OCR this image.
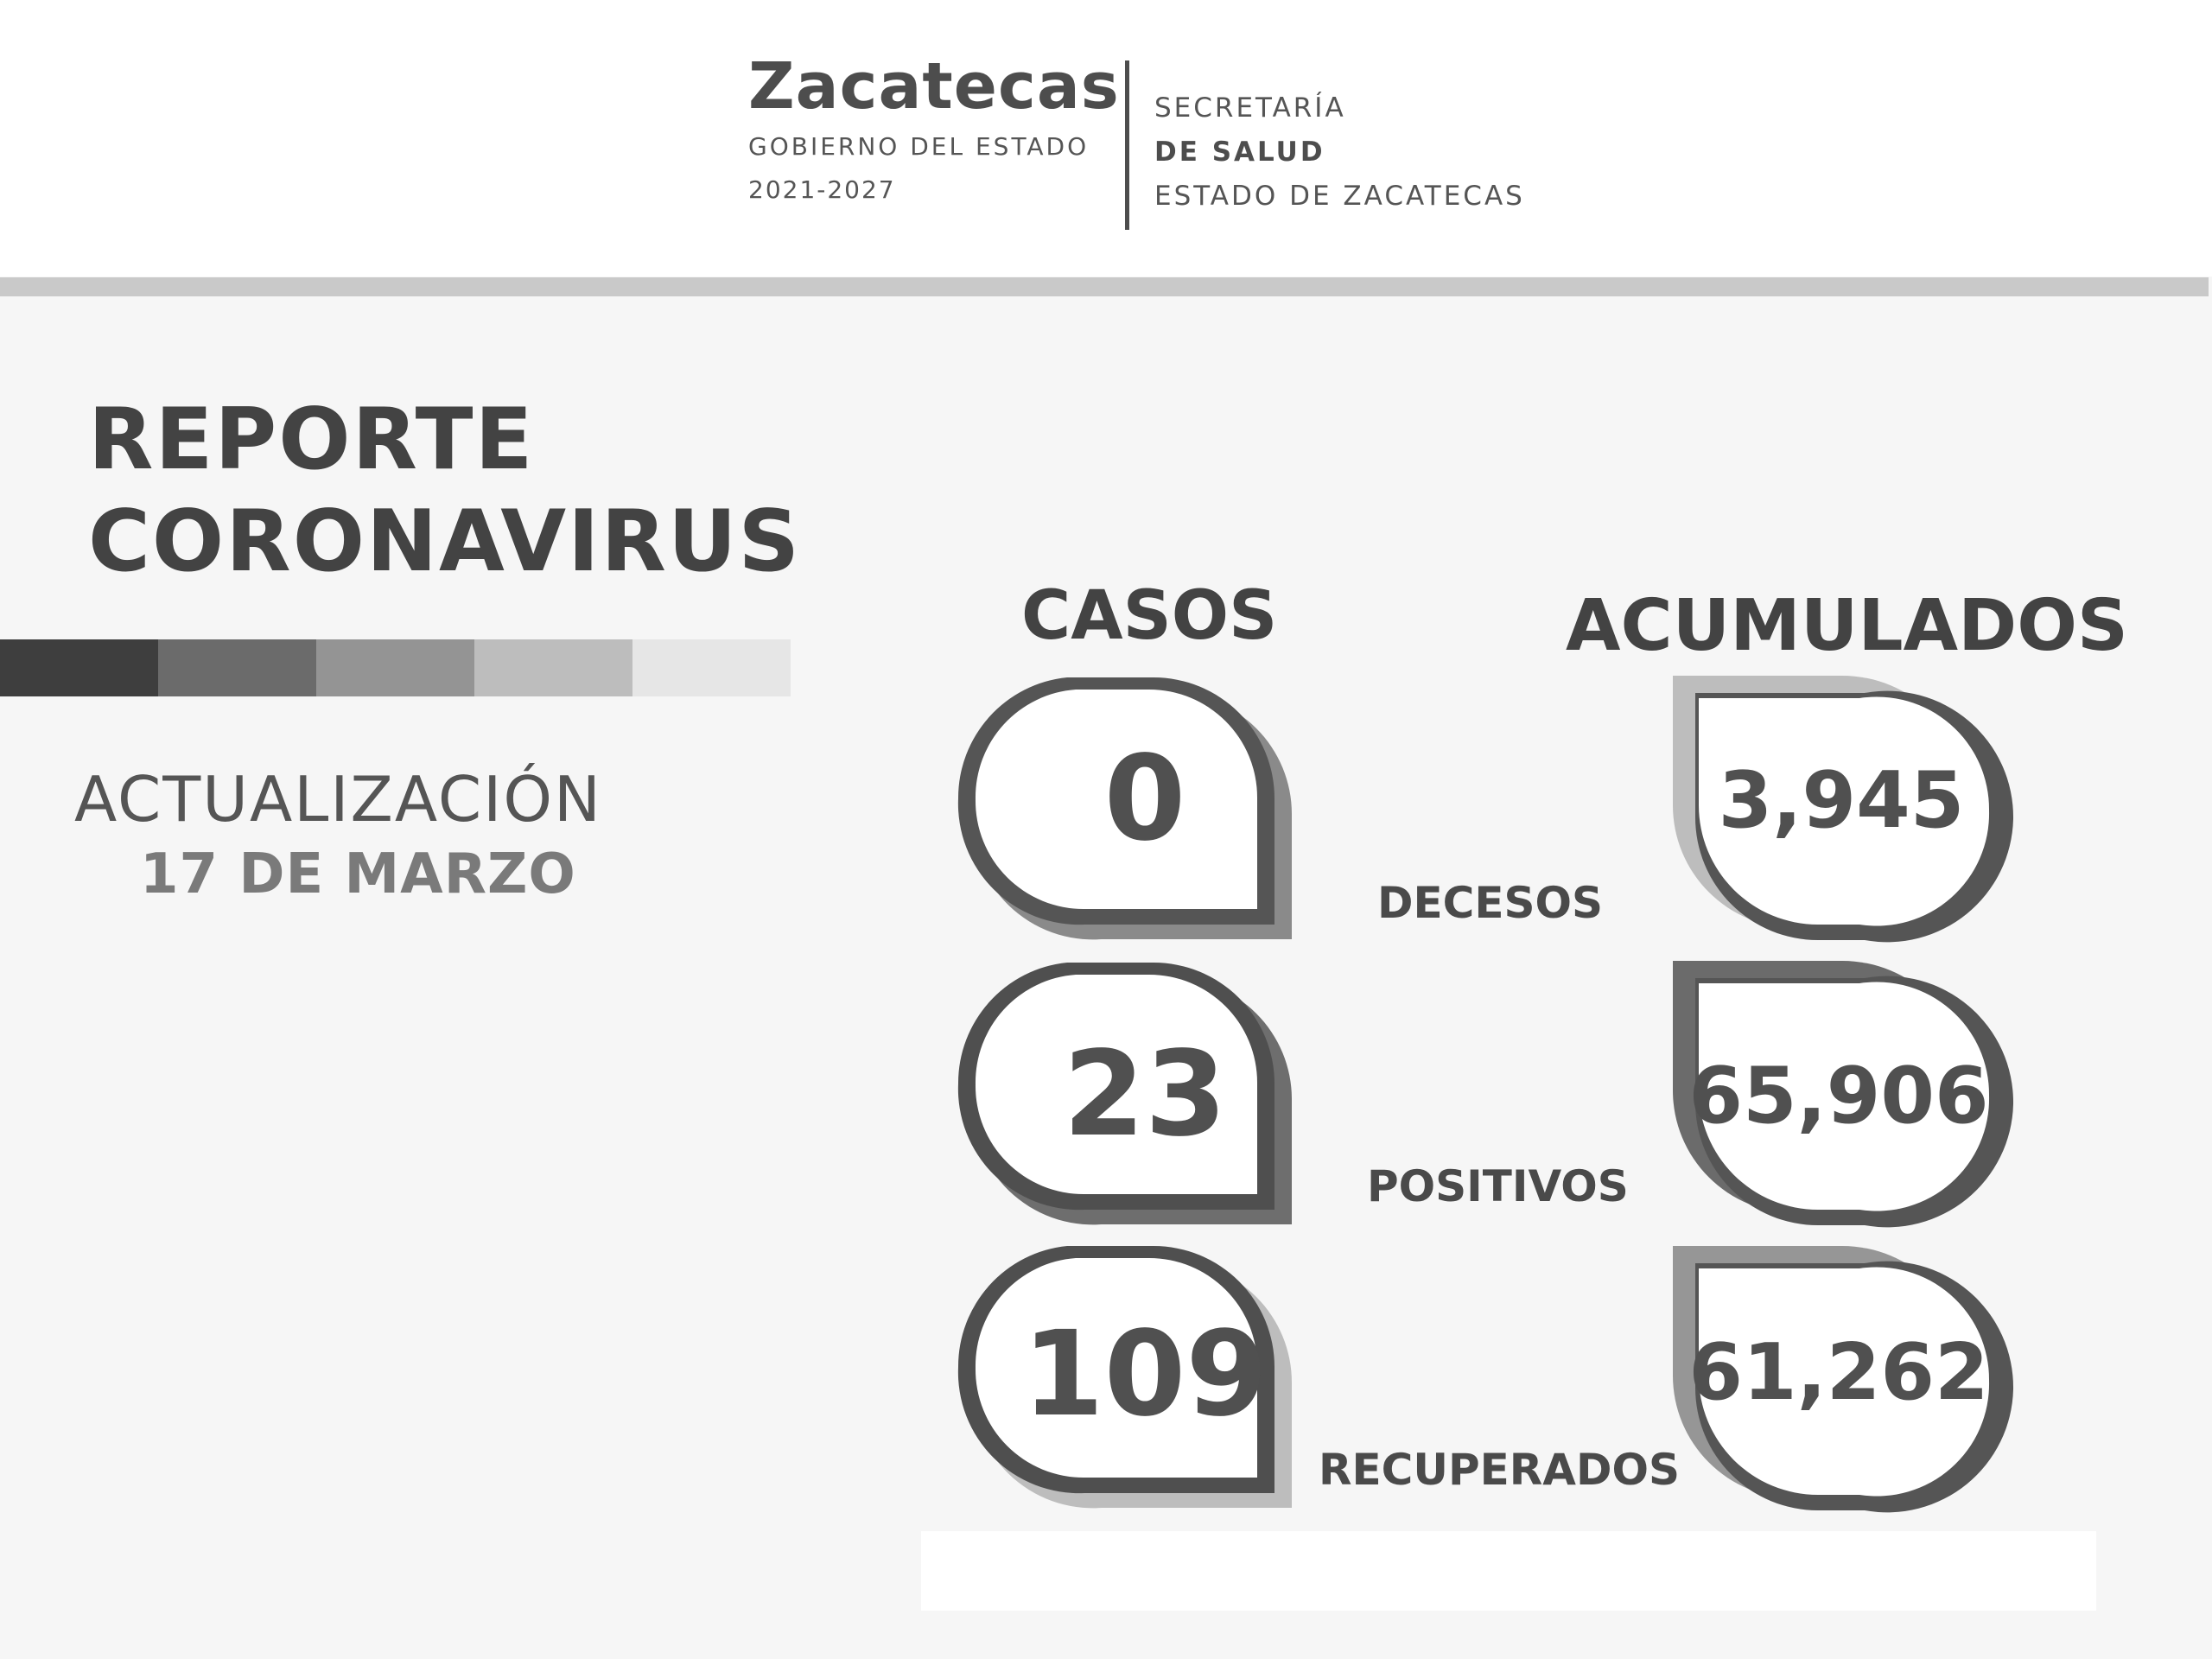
Zacatecas
GOBIERNO DEL ESTADO
2021-2027
SECRETARÍA
DE SALUD
ESTADO DE ZACATECAS
REPORTE
CORONAVIRUS
ACTUALIZACIÓN
17 DE MARZO
CASOS	ACUMULADOS
0	3,945
DECESOS
23	65,906
POSITIVOS
109	61,262
RECUPERADOS
